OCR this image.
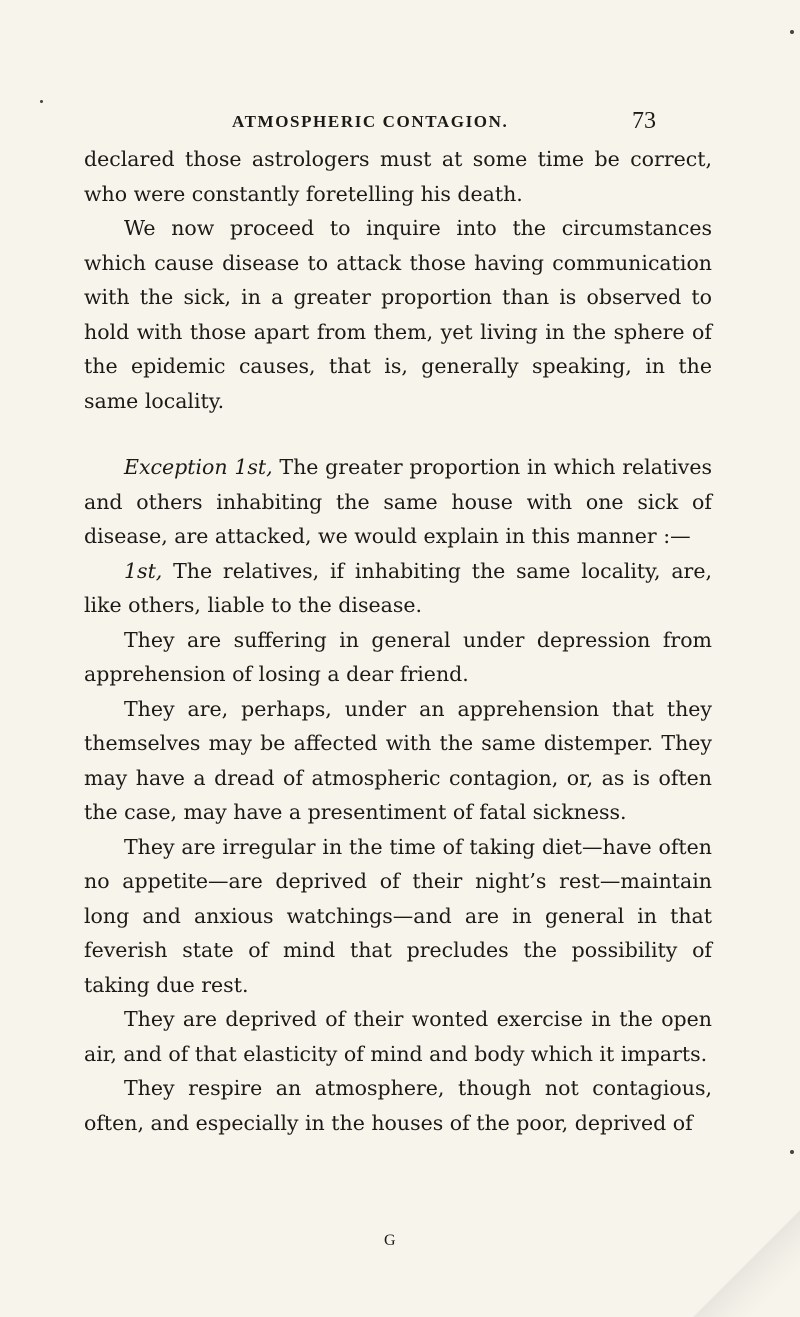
ATMOSPHERIC CONTAGION.	73

declared those astrologers must at some time be correct, who were constantly foretelling his death.

We now proceed to inquire into the circumstances which cause disease to attack those having communication with the sick, in a greater proportion than is observed to hold with those apart from them, yet living in the sphere of the epidemic causes, that is, generally speaking, in the same locality.

Exception 1st, The greater proportion in which relatives and others inhabiting the same house with one sick of disease, are attacked, we would explain in this manner :—

1st, The relatives, if inhabiting the same locality, are, like others, liable to the disease.

They are suffering in general under depression from apprehension of losing a dear friend.

They are, perhaps, under an apprehension that they themselves may be affected with the same distemper. They may have a dread of atmospheric contagion, or, as is often the case, may have a presentiment of fatal sickness.

They are irregular in the time of taking diet—have often no appetite—are deprived of their night’s rest—maintain long and anxious watchings—and are in general in that feverish state of mind that precludes the possibility of taking due rest.

They are deprived of their wonted exercise in the open air, and of that elasticity of mind and body which it imparts.

They respire an atmosphere, though not contagious, often, and especially in the houses of the poor, deprived of

G
